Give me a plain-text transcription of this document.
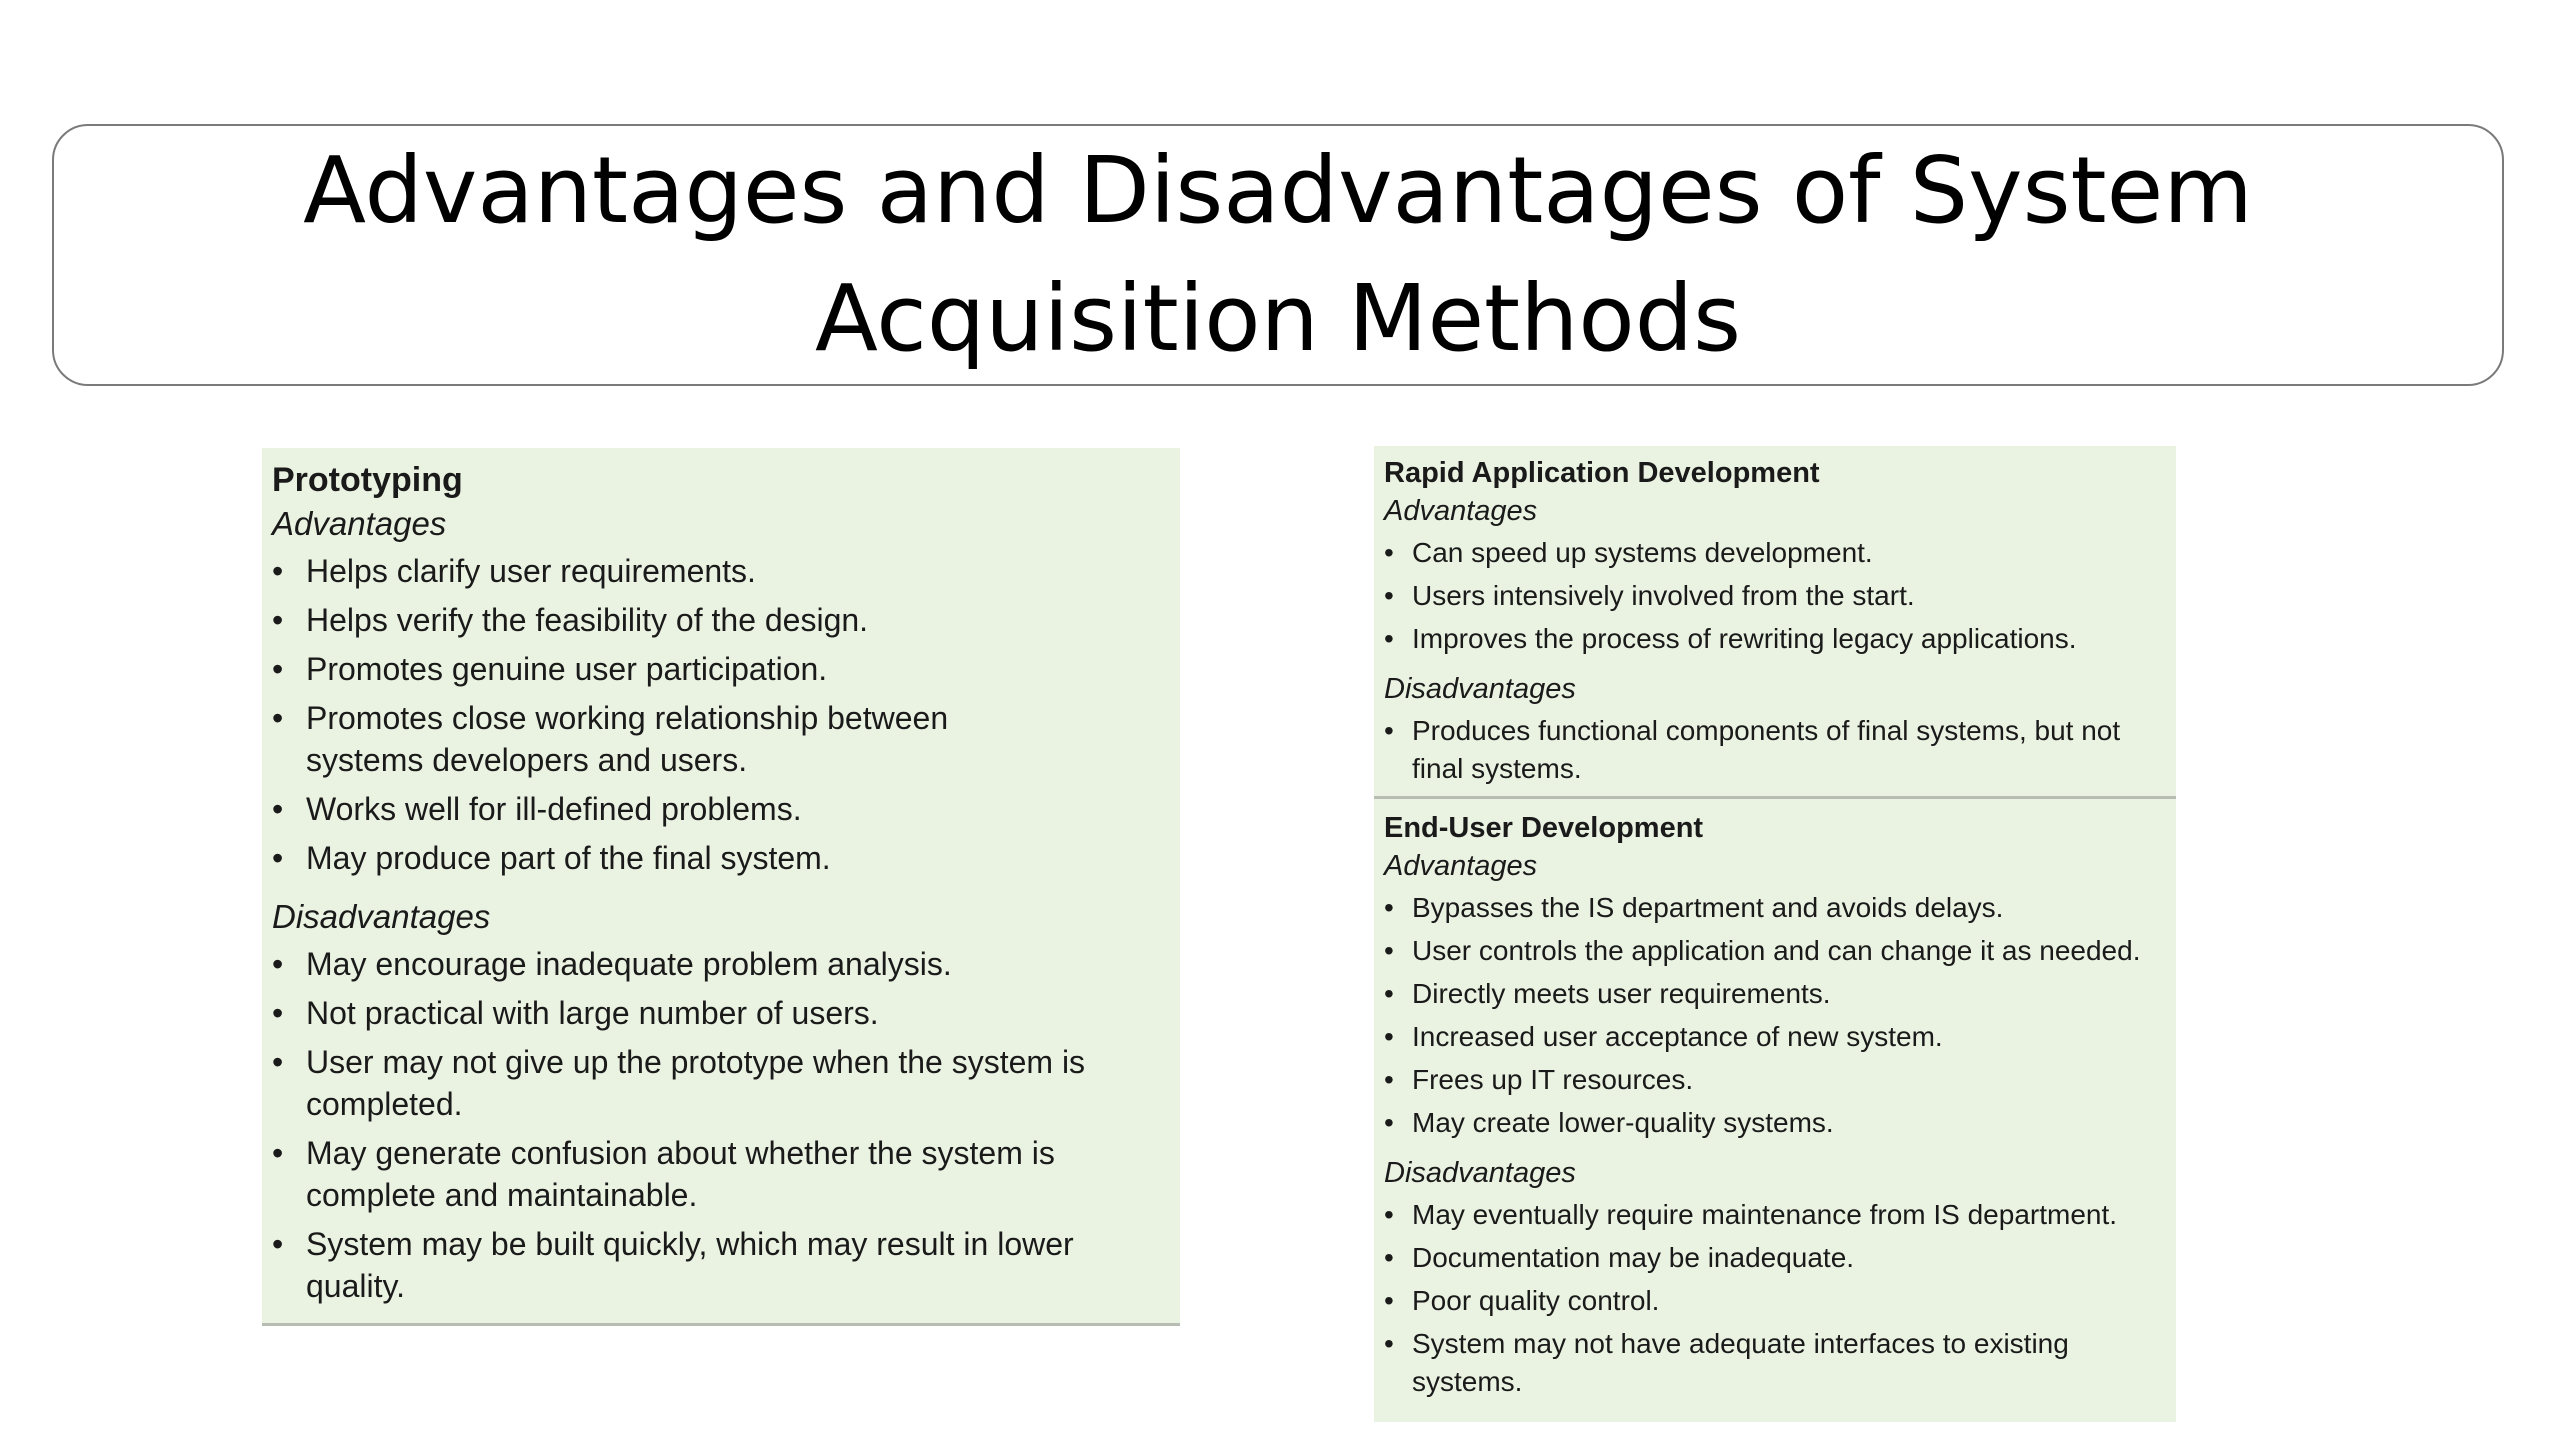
Advantages and Disadvantages of System Acquisition Methods

Prototyping

Advantages

• Helps clarify user requirements.
• Helps verify the feasibility of the design.
• Promotes genuine user participation.
• Promotes close working relationship between systems developers and users.
• Works well for ill-defined problems.
• May produce part of the final system.

Disadvantages

• May encourage inadequate problem analysis.
• Not practical with large number of users.
• User may not give up the prototype when the system is completed.
• May generate confusion about whether the system is complete and maintainable.
• System may be built quickly, which may result in lower quality.

Rapid Application Development

Advantages

• Can speed up systems development.
• Users intensively involved from the start.
• Improves the process of rewriting legacy applications.

Disadvantages

• Produces functional components of final systems, but not final systems.

End-User Development

Advantages

• Bypasses the IS department and avoids delays.
• User controls the application and can change it as needed.
• Directly meets user requirements.
• Increased user acceptance of new system.
• Frees up IT resources.
• May create lower-quality systems.

Disadvantages

• May eventually require maintenance from IS department.
• Documentation may be inadequate.
• Poor quality control.
• System may not have adequate interfaces to existing systems.
